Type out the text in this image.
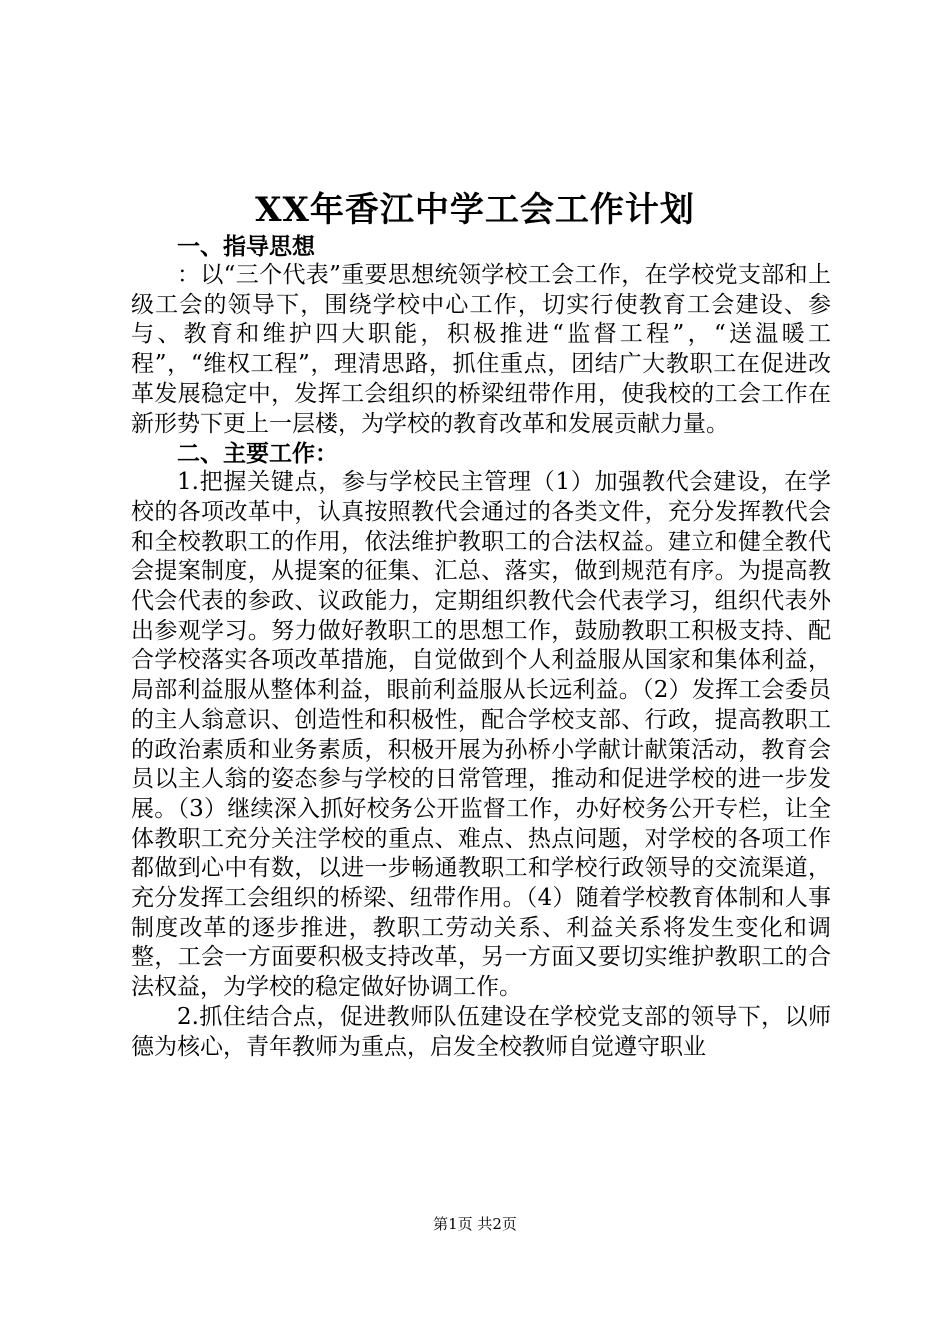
XX年香江中学工会工作计划

一、指导思想

：以“三个代表”重要思想统领学校工会工作，在学校党支部和上级工会的领导下，围绕学校中心工作，切实行使教育工会建设、参与、教育和维护四大职能，积极推进“监督工程”，“送温暖工程”，“维权工程”，理清思路，抓住重点，团结广大教职工在促进改革发展稳定中，发挥工会组织的桥梁纽带作用，使我校的工会工作在新形势下更上一层楼，为学校的教育改革和发展贡献力量。

二、主要工作：

1.把握关键点，参与学校民主管理（1）加强教代会建设，在学校的各项改革中，认真按照教代会通过的各类文件，充分发挥教代会和全校教职工的作用，依法维护教职工的合法权益。建立和健全教代会提案制度，从提案的征集、汇总、落实，做到规范有序。为提高教代会代表的参政、议政能力，定期组织教代会代表学习，组织代表外出参观学习。努力做好教职工的思想工作，鼓励教职工积极支持、配合学校落实各项改革措施，自觉做到个人利益服从国家和集体利益，局部利益服从整体利益，眼前利益服从长远利益。（2）发挥工会委员的主人翁意识、创造性和积极性，配合学校支部、行政，提高教职工的政治素质和业务素质，积极开展为孙桥小学献计献策活动，教育会员以主人翁的姿态参与学校的日常管理，推动和促进学校的进一步发展。（3）继续深入抓好校务公开监督工作，办好校务公开专栏，让全体教职工充分关注学校的重点、难点、热点问题，对学校的各项工作都做到心中有数，以进一步畅通教职工和学校行政领导的交流渠道，充分发挥工会组织的桥梁、纽带作用。（4）随着学校教育体制和人事制度改革的逐步推进，教职工劳动关系、利益关系将发生变化和调整，工会一方面要积极支持改革，另一方面又要切实维护教职工的合法权益，为学校的稳定做好协调工作。

2.抓住结合点，促进教师队伍建设在学校党支部的领导下，以师德为核心，青年教师为重点，启发全校教师自觉遵守职业

第1页 共2页
